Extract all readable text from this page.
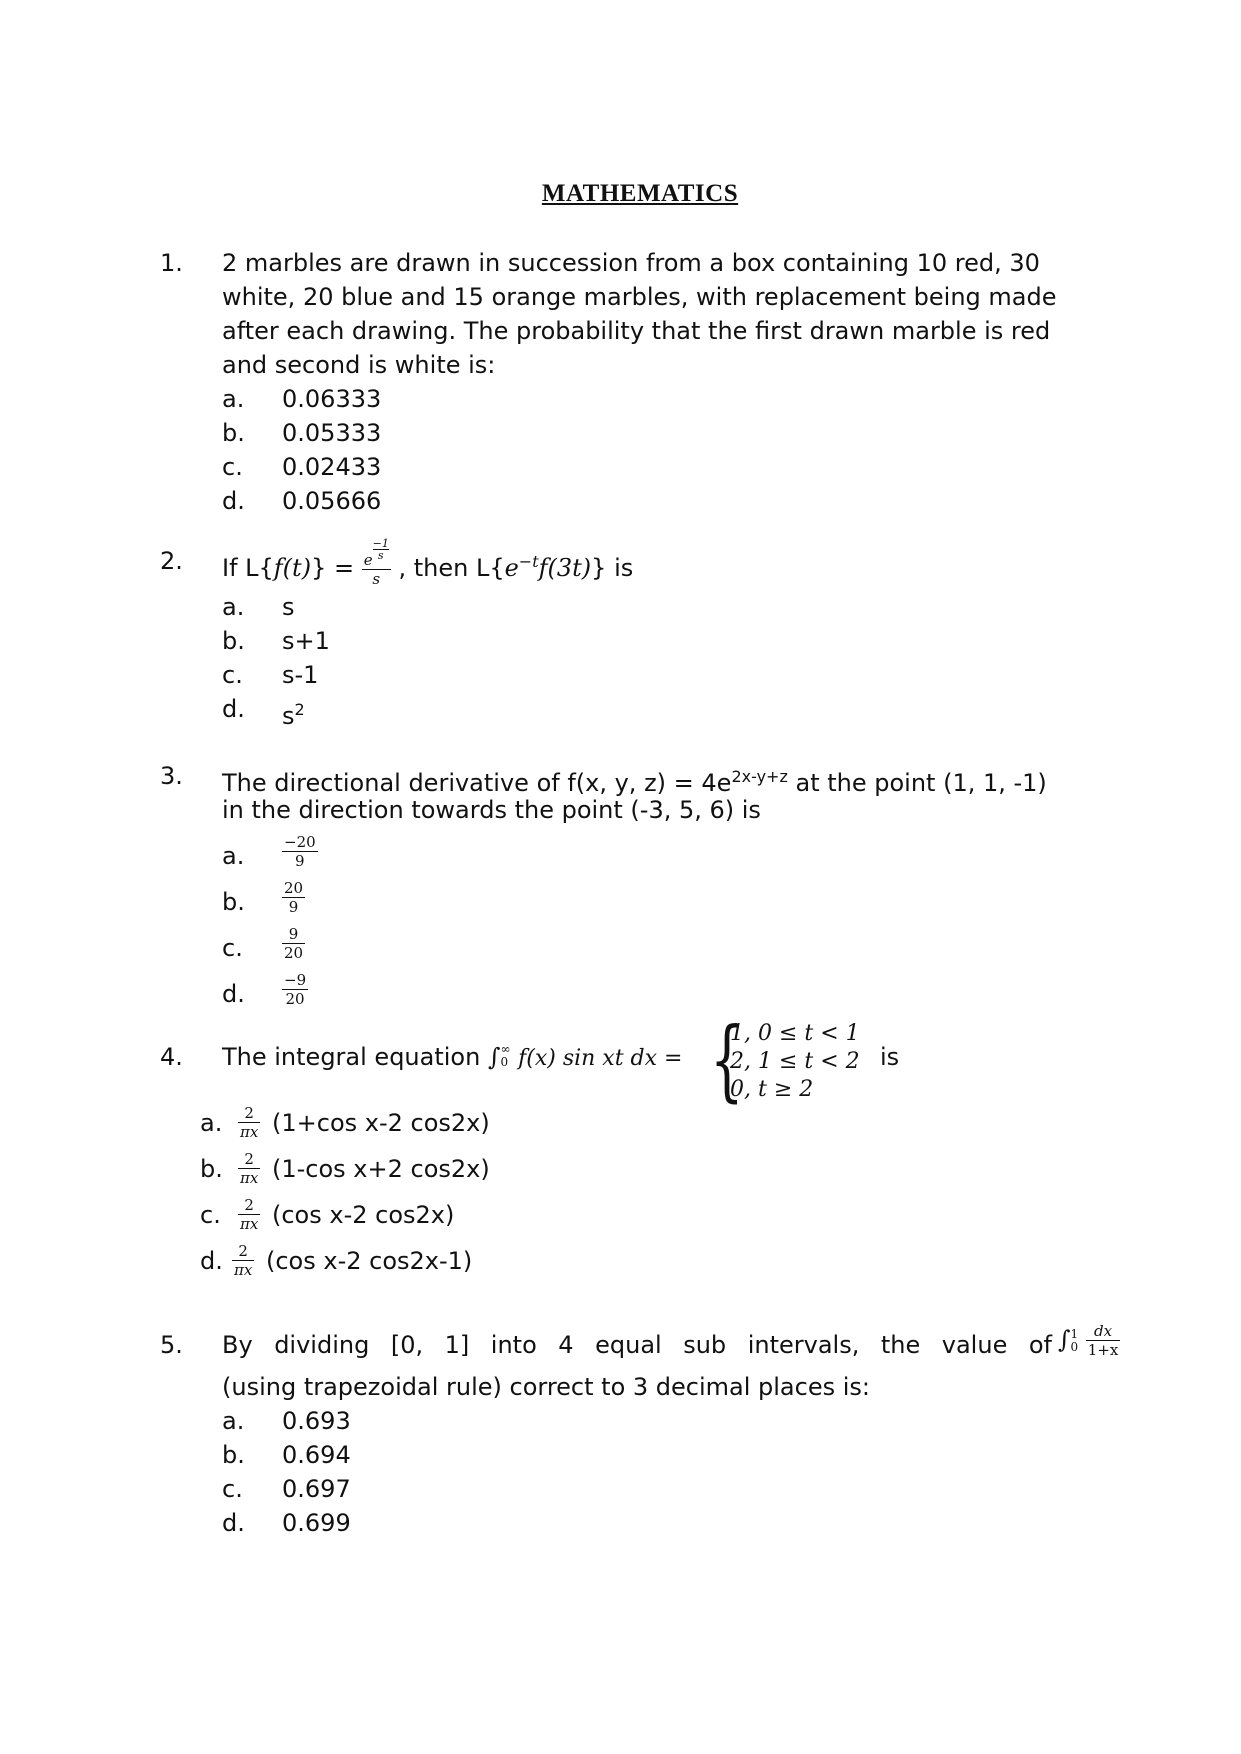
MATHEMATICS
1. 2 marbles are drawn in succession from a box containing 10 red, 30
white, 20 blue and 15 orange marbles, with replacement being made
after each drawing. The probability that the first drawn marble is red
and second is white is:
a. 0.06333
b. 0.05333
c. 0.02433
d. 0.05666
2. If $L\{f(t)\} = \frac{e \frac{-1}{s}}{s}$ , then $L\{e^{-t}f(3t)\}$ is
a. s
b. s+1
c. s-1
d. $s^2$
3. The directional derivative of f(x, y, $z) = 4e^{2x-y+z}$ at the point (1, 1, -1)
in the direction towards the point (-3, 5, 6) is
a.	$\frac{-20}{9}$
b. $\frac{20}{9}$
c.	$\frac{9}{20}$
d. $\frac{-9}{20}$
4. The integral equation ∫ ∞
0 f(x) sin xt dx = {
1, 0 ≤ t < 1
2, 1 ≤ t < 2
0, t ≥ 2
is
a. $\frac{2}{\pi x} (1+\cos$ x-2 cos2x)
b. $\frac{2}{\pi x} (1-\cos$ x+2 cos2x)
c. $\frac{2}{\pi x} (\cos$ x-2 cos2x)
d. $\frac{2}{\pi x} (\cos$ x-2 cos2x-1)
5. By dividing [0, 1] into 4 equal sub intervals, the value of ∫ 1
0
$\frac{dx}{1+x}$
(using trapezoidal rule) correct to 3 decimal places is:
a. 0.693
b. 0.694
c. 0.697
d. 0.699
